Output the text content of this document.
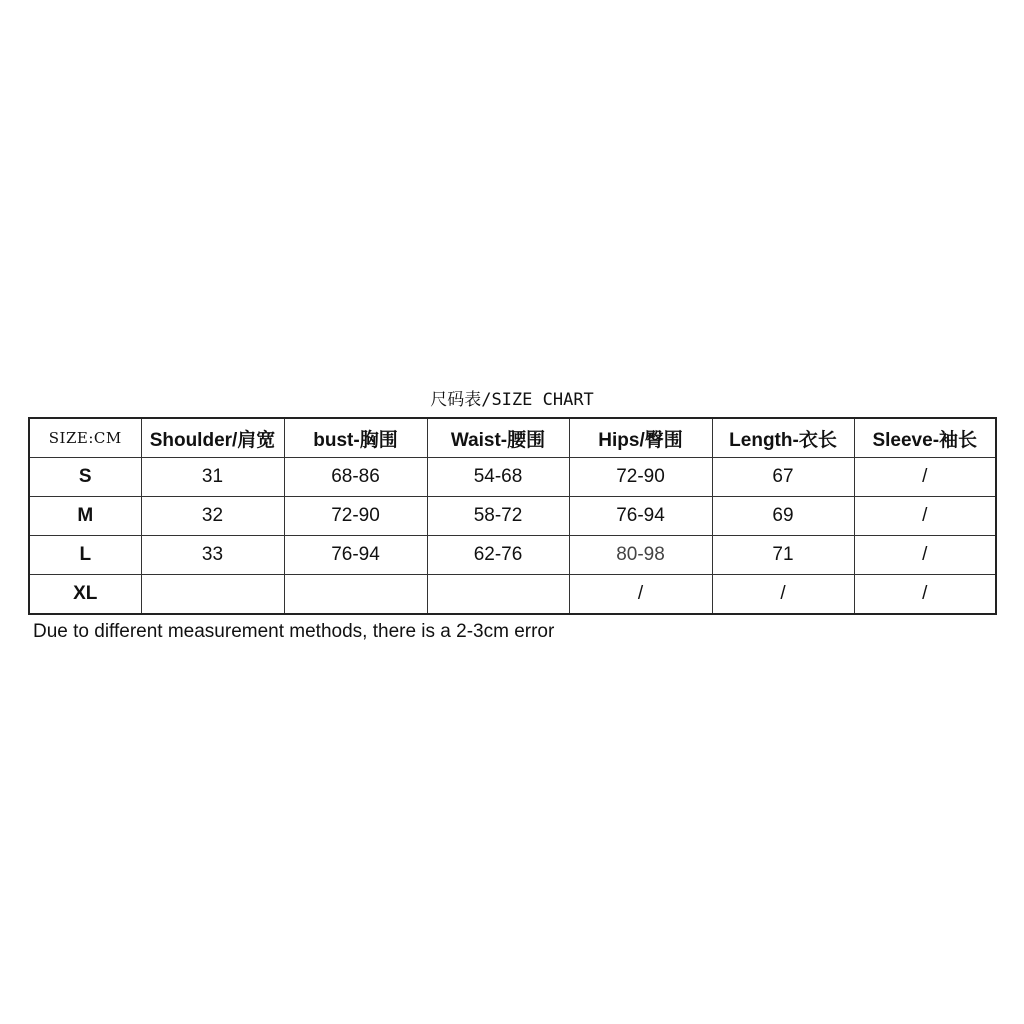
尺码表/SIZE CHART
SIZE:CM	Shoulder/肩宽	bust-胸围	Waist-腰围	Hips/臀围	Length-衣长	Sleeve-袖长
S	31	68-86	54-68	72-90	67	/
M	32	72-90	58-72	76-94	69	/
L	33	76-94	62-76	80-98	71	/
XL				/	/	/
Due to different measurement methods, there is a 2-3cm error
